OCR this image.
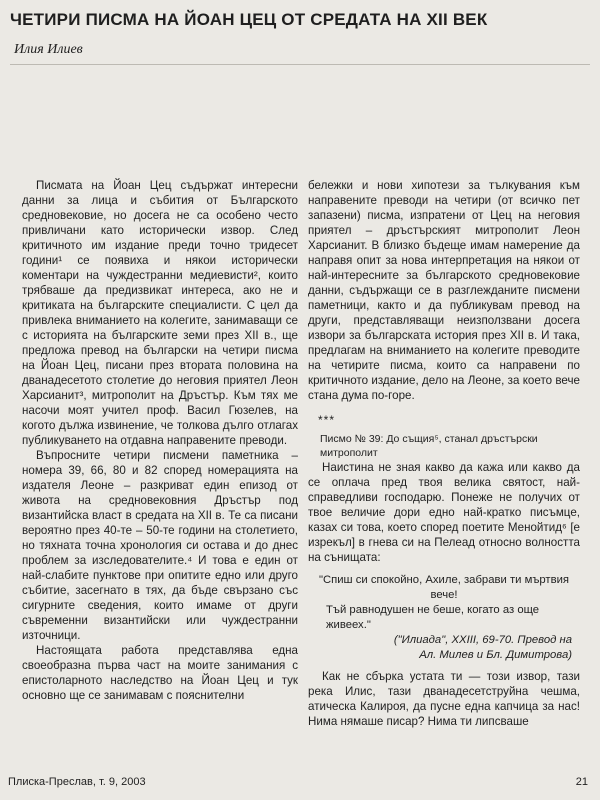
ЧЕТИРИ ПИСМА НА ЙОАН ЦЕЦ ОТ СРЕДАТА НА XII ВЕК
Илия Илиев

Писмата на Йоан Цец съдържат интересни данни за лица и събития от Българското средновековие, но досега не са особено често привличани като исторически извор. След критичното им издание преди точно тридесет години¹ се появиха и някои исторически коментари на чуждестранни медиевисти², които трябваше да предизвикат интереса, ако не и критиката на българските специалисти. С цел да привлека вниманието на колегите, занимаващи се с историята на българските земи през XII в., ще предложа превод на български на четири писма на Йоан Цец, писани през втората половина на дванадесетото столетие до неговия приятел Леон Харсианит³, митрополит на Дръстър. Към тях ме насочи моят учител проф. Васил Гюзелев, на когото дължа извинение, че толкова дълго отлагах публикуването на отдавна направените преводи.

Въпросните четири писмени паметника – номера 39, 66, 80 и 82 според номерацията на издателя Леоне – разкриват един епизод от живота на средновековния Дръстър под византийска власт в средата на XII в. Те са писани вероятно през 40-те – 50-те години на столетието, но тяхната точна хронология си остава и до днес проблем за изследователите.⁴ И това е един от най-слабите пунктове при опитите едно или друго събитие, засегнато в тях, да бъде свързано със сигурните сведения, които имаме от други съвременни византийски или чуждестранни източници.

Настоящата работа представлява една своеобразна първа част на моите занимания с епистоларното наследство на Йоан Цец и тук основно ще се занимавам с пояснителни

бележки и нови хипотези за тълкувания към направените преводи на четири (от всичко пет запазени) писма, изпратени от Цец на неговия приятел – дръстърският митрополит Леон Харсианит. В близко бъдеще имам намерение да направя опит за нова интерпретация на някои от най-интересните за българското средновековие данни, съдържащи се в разглежданите писмени паметници, както и да публикувам превод на други, представляващи неизползвани досега извори за българската история през XII в. И така, предлагам на вниманието на колегите преводите на четирите писма, които са направени по критичното издание, дело на Леоне, за което вече стана дума по-горе.

***

Писмо № 39: До същия⁵, станал дръстърски митрополит

Наистина не зная какво да кажа или какво да се оплача пред твоя велика святост, най-справедливи господарю. Понеже не получих от твое величие дори едно най-кратко писъмце, казах си това, което според поетите Менойтид⁶ [е изрекъл] в гнева си на Пелеад относно волността на сънищата:

"Спиш си спокойно, Ахиле, забрави ти мъртвия вече!
Тъй равнодушен не беше, когато аз още живеех."
("Илиада", XXIII, 69-70. Превод на
Ал. Милев и Бл. Димитрова)

Как не сбърка устата ти — този извор, тази река Илис, тази дванадесетструйна чешма, атическа Калироя, да пусне една капчица за нас! Нима нямаше писар? Нима ти липсваше

Плиска-Преслав, т. 9, 2003	21
